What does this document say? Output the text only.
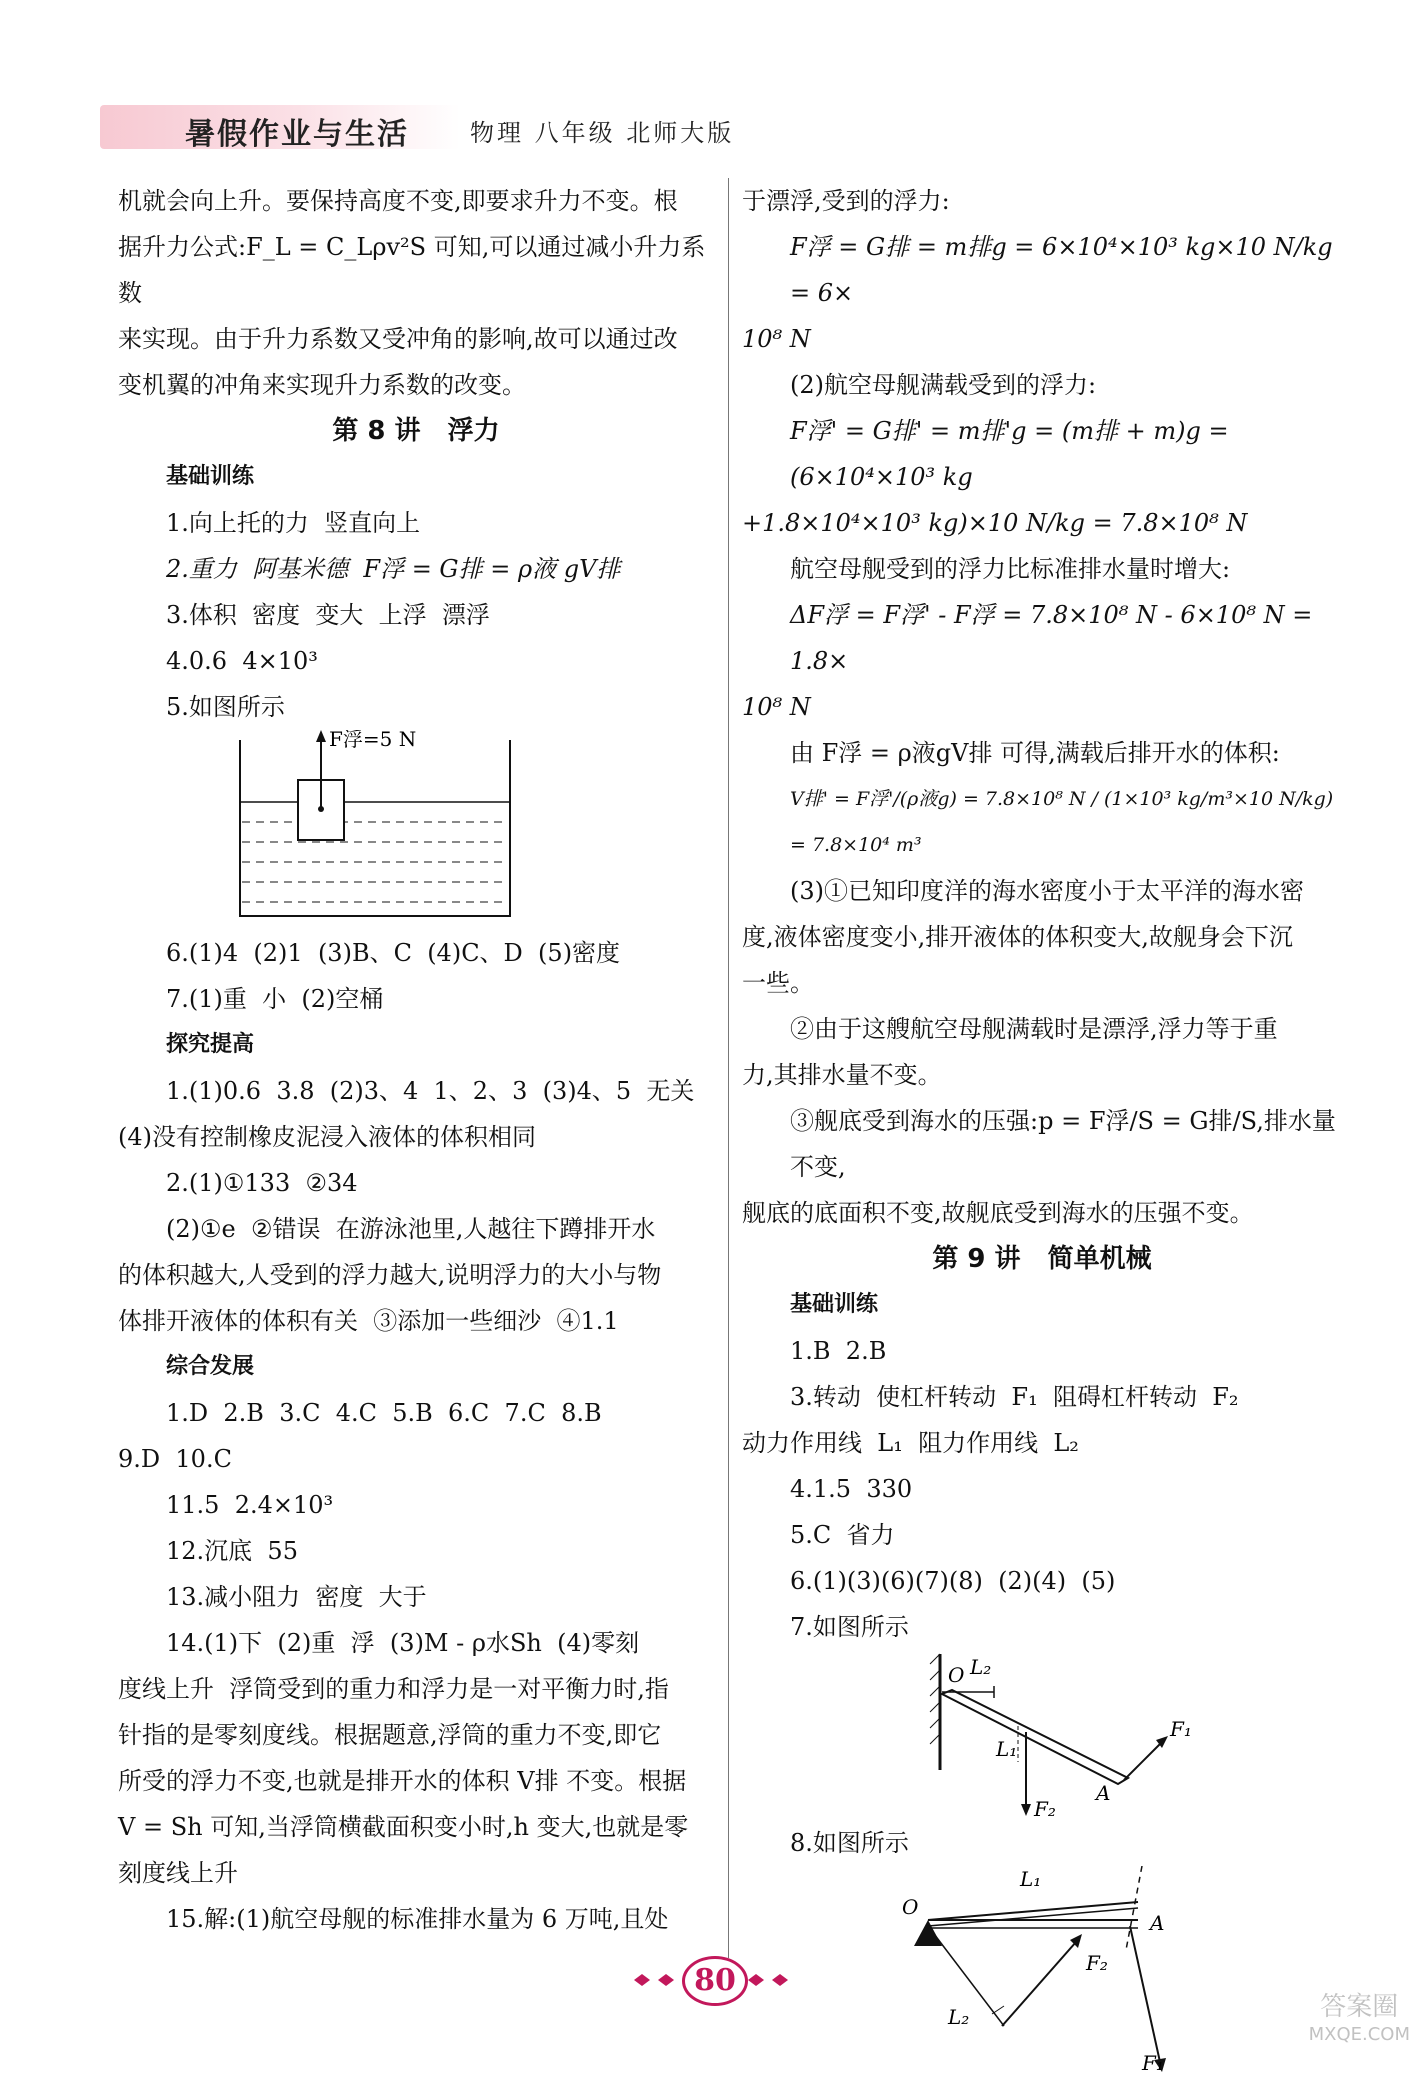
暑假作业与生活	物理 八年级 北师大版

机就会向上升。要保持高度不变,即要求升力不变。根

据升力公式:F_L = C_Lρv²S 可知,可以通过减小升力系数

来实现。由于升力系数又受冲角的影响,故可以通过改

变机翼的冲角来实现升力系数的改变。

第 8 讲   浮力

基础训练

1.向上托的力  竖直向上

2.重力  阿基米德  F浮 = G排 = ρ液 gV排

3.体积  密度  变大  上浮  漂浮

4.0.6  4×10³

5.如图所示

F浮=5 N

6.(1)4  (2)1  (3)B、C  (4)C、D  (5)密度

7.(1)重  小  (2)空桶

探究提高

1.(1)0.6  3.8  (2)3、4  1、2、3  (3)4、5  无关

(4)没有控制橡皮泥浸入液体的体积相同

2.(1)①133  ②34

(2)①e  ②错误  在游泳池里,人越往下蹲排开水

的体积越大,人受到的浮力越大,说明浮力的大小与物

体排开液体的体积有关  ③添加一些细沙  ④1.1

综合发展

1.D  2.B  3.C  4.C  5.B  6.C  7.C  8.B

9.D  10.C

11.5  2.4×10³

12.沉底  55

13.减小阻力  密度  大于

14.(1)下  (2)重  浮  (3)M - ρ水Sh  (4)零刻

度线上升  浮筒受到的重力和浮力是一对平衡力时,指

针指的是零刻度线。根据题意,浮筒的重力不变,即它

所受的浮力不变,也就是排开水的体积 V排 不变。根据

V = Sh 可知,当浮筒横截面积变小时,h 变大,也就是零

刻度线上升

15.解:(1)航空母舰的标准排水量为 6 万吨,且处

于漂浮,受到的浮力:

F浮 = G排 = m排g = 6×10⁴×10³ kg×10 N/kg = 6×

10⁸ N

(2)航空母舰满载受到的浮力:

F浮' = G排' = m排'g = (m排 + m)g = (6×10⁴×10³ kg

+1.8×10⁴×10³ kg)×10 N/kg = 7.8×10⁸ N

航空母舰受到的浮力比标准排水量时增大:

ΔF浮 = F浮' - F浮 = 7.8×10⁸ N - 6×10⁸ N = 1.8×

10⁸ N

由 F浮 = ρ液gV排 可得,满载后排开水的体积:

V排' = F浮'/(ρ液g) = 7.8×10⁸ N / (1×10³ kg/m³×10 N/kg) = 7.8×10⁴ m³

(3)①已知印度洋的海水密度小于太平洋的海水密

度,液体密度变小,排开液体的体积变大,故舰身会下沉

一些。

②由于这艘航空母舰满载时是漂浮,浮力等于重

力,其排水量不变。

③舰底受到海水的压强:p = F浮/S = G排/S,排水量不变,

舰底的底面积不变,故舰底受到海水的压强不变。

第 9 讲   简单机械

基础训练

1.B  2.B

3.转动  使杠杆转动  F₁  阻碍杠杆转动  F₂

动力作用线  L₁  阻力作用线  L₂

4.1.5  330

5.C  省力

6.(1)(3)(6)(7)(8)  (2)(4)  (5)

7.如图所示

O L₂
L₁
F₁
A
F₂

8.如图所示

O
L₁
A
F₂
L₂
F₁
80
答案圈
MXQE.COM
